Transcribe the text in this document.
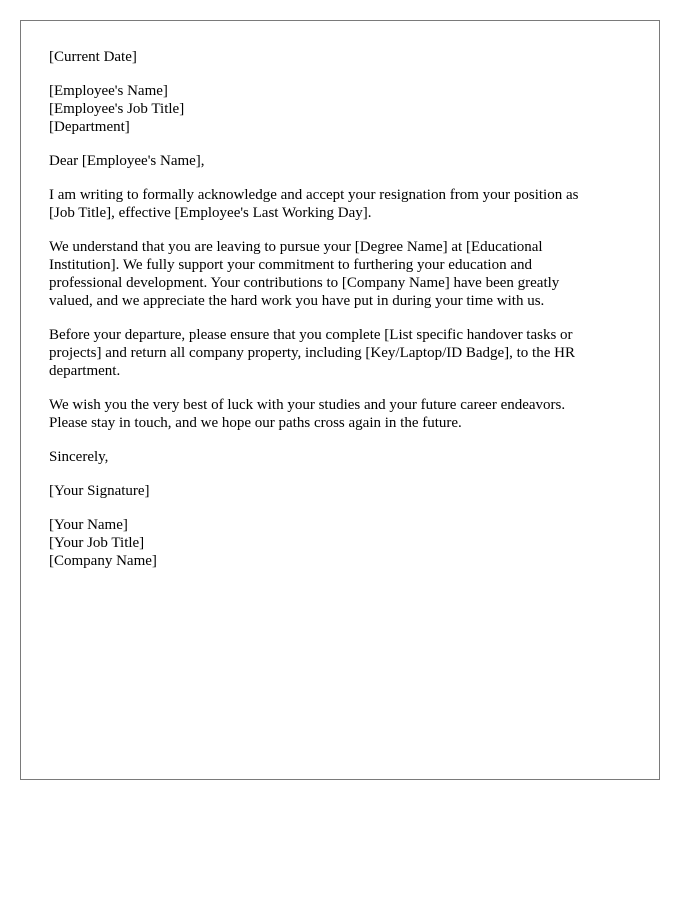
[Current Date]
[Employee's Name]
[Employee's Job Title]
[Department]
Dear [Employee's Name],
I am writing to formally acknowledge and accept your resignation from your position as
[Job Title], effective [Employee's Last Working Day].
We understand that you are leaving to pursue your [Degree Name] at [Educational
Institution]. We fully support your commitment to furthering your education and
professional development. Your contributions to [Company Name] have been greatly
valued, and we appreciate the hard work you have put in during your time with us.
Before your departure, please ensure that you complete [List specific handover tasks or
projects] and return all company property, including [Key/Laptop/ID Badge], to the HR
department.
We wish you the very best of luck with your studies and your future career endeavors.
Please stay in touch, and we hope our paths cross again in the future.
Sincerely,
[Your Signature]
[Your Name]
[Your Job Title]
[Company Name]
